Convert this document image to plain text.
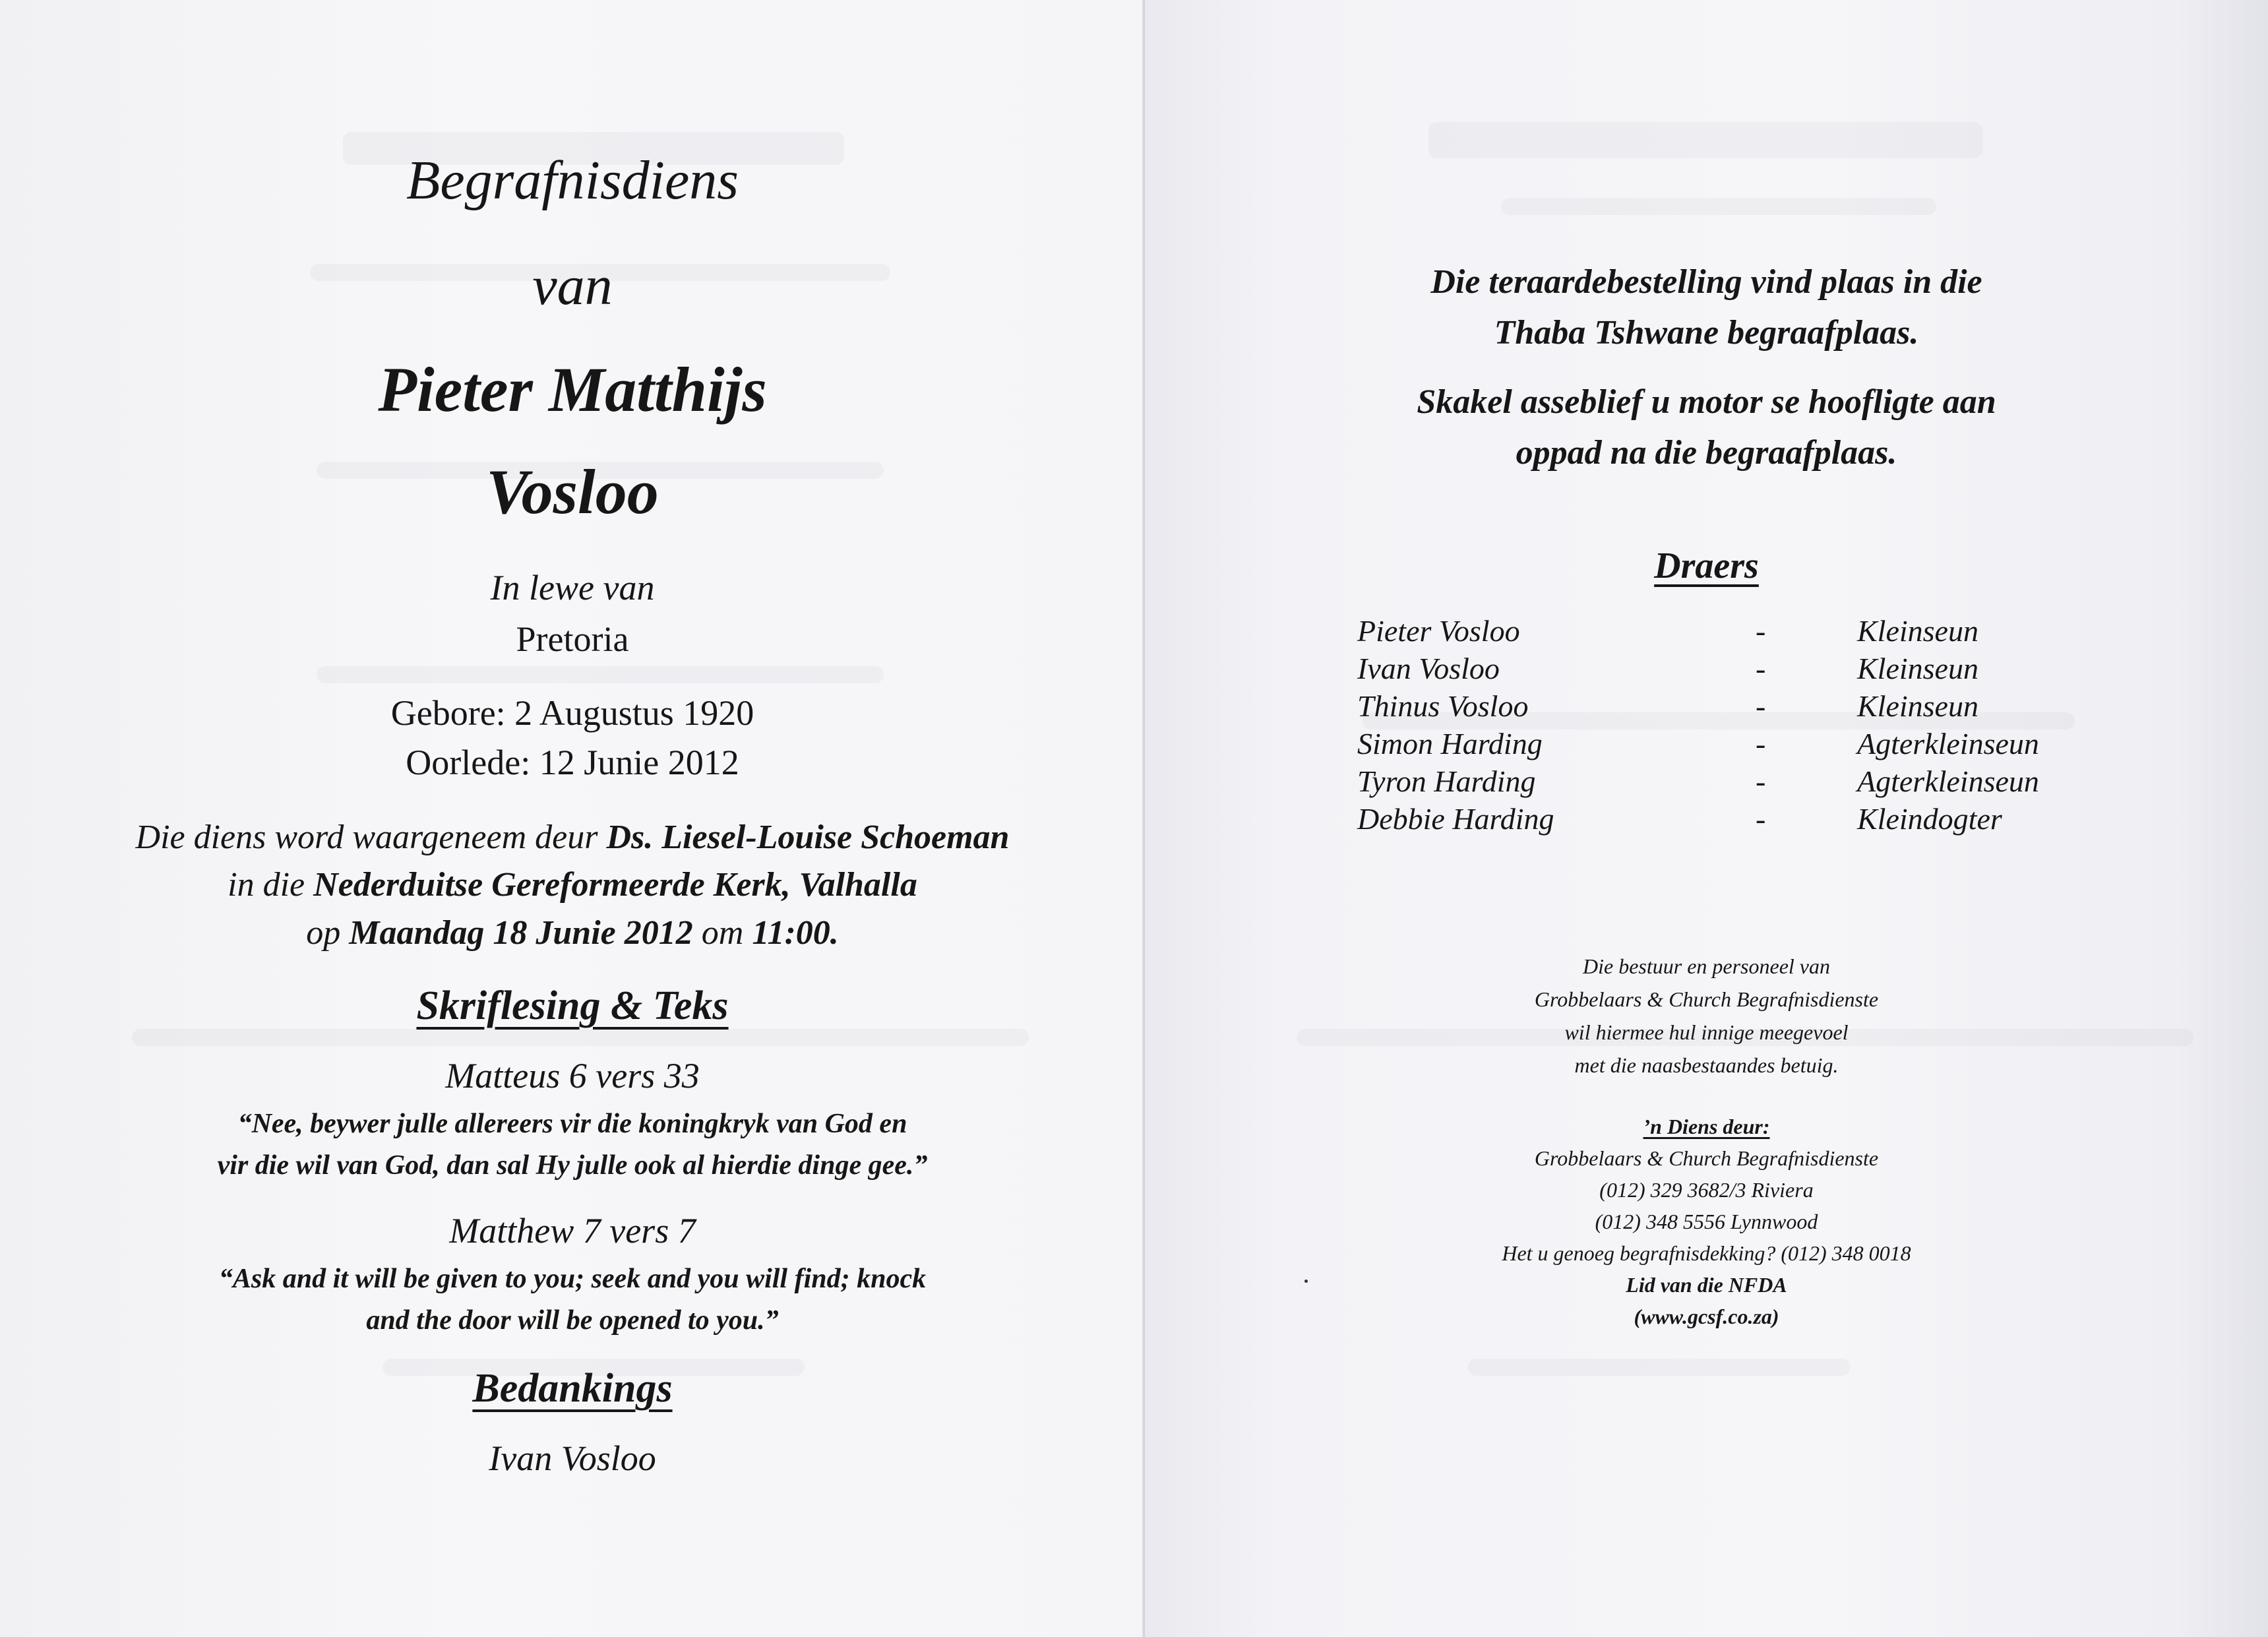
Begrafnisdiens
van
Pieter Matthijs
Vosloo
In lewe van
Pretoria
Gebore: 2 Augustus 1920
Oorlede: 12 Junie 2012
Die diens word waargeneem deur Ds. Liesel-Louise Schoeman
in die Nederduitse Gereformeerde Kerk, Valhalla
op Maandag 18 Junie 2012 om 11:00.
Skriflesing & Teks
Matteus 6 vers 33
“Nee, beywer julle allereers vir die koningkryk van God en
vir die wil van God, dan sal Hy julle ook al hierdie dinge gee.”
Matthew 7 vers 7
“Ask and it will be given to you; seek and you will find; knock
and the door will be opened to you.”
Bedankings
Ivan Vosloo
Die teraardebestelling vind plaas in die
Thaba Tshwane begraafplaas.
Skakel asseblief u motor se hoofligte aan
oppad na die begraafplaas.
Draers
Pieter Vosloo	-	Kleinseun
Ivan Vosloo	-	Kleinseun
Thinus Vosloo	-	Kleinseun
Simon Harding	-	Agterkleinseun
Tyron Harding	-	Agterkleinseun
Debbie Harding	-	Kleindogter
Die bestuur en personeel van
Grobbelaars & Church Begrafnisdienste
wil hiermee hul innige meegevoel
met die naasbestaandes betuig.
’n Diens deur:
Grobbelaars & Church Begrafnisdienste
(012) 329 3682/3 Riviera
(012) 348 5556 Lynnwood
Het u genoeg begrafnisdekking? (012) 348 0018
Lid van die NFDA
(www.gcsf.co.za)
